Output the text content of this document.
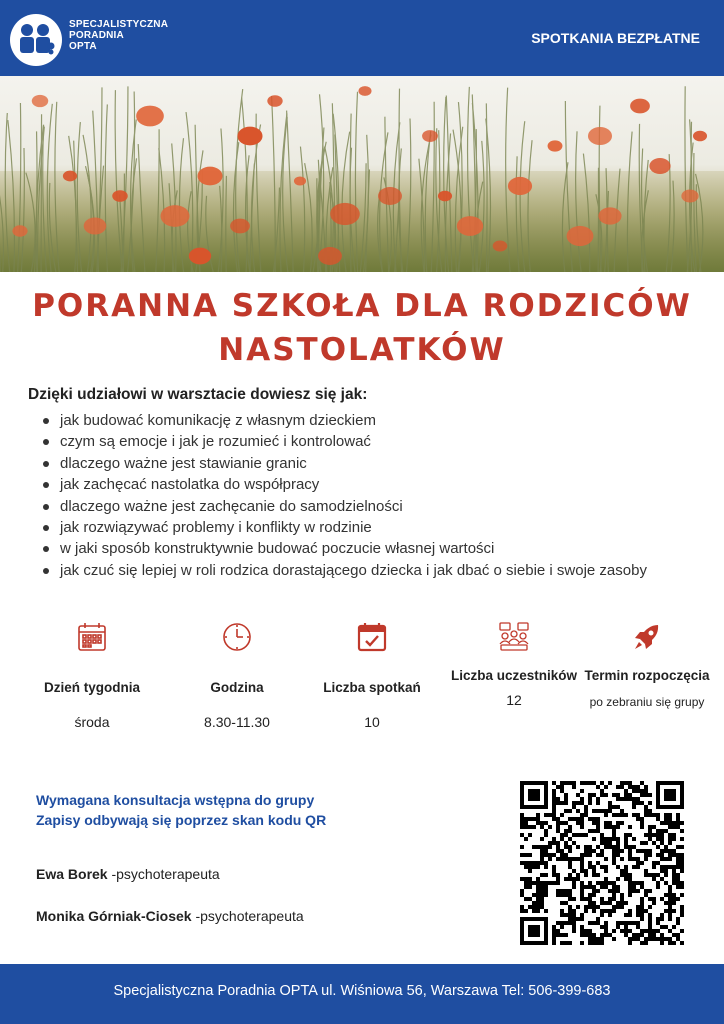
SPECJALISTYCZNA
PORADNIA
OPTA
SPOTKANIA BEZPŁATNE
PORANNA SZKOŁA DLA RODZICÓW
NASTOLATKÓW
Dzięki udziałowi w warsztacie dowiesz się jak:
jak budować komunikację z własnym dzieckiem
czym są emocje i jak je rozumieć i kontrolować
dlaczego ważne jest stawianie granic
jak zachęcać nastolatka do współpracy
dlaczego ważne jest zachęcanie do samodzielności
jak rozwiązywać problemy i konflikty w rodzinie
w jaki sposób konstruktywnie budować poczucie własnej wartości
jak czuć się lepiej w roli rodzica dorastającego dziecka i jak dbać o siebie i swoje zasoby
Dzień tygodnia
środa
Godzina
8.30-11.30
Liczba spotkań
10
Liczba uczestników
12
Termin rozpoczęcia
po zebraniu się grupy
Wymagana konsultacja wstępna do grupy
Zapisy odbywają się poprzez skan kodu QR
Ewa Borek -psychoterapeuta
Monika Górniak-Ciosek -psychoterapeuta
Specjalistyczna Poradnia OPTA ul. Wiśniowa 56, Warszawa Tel: 506-399-683
